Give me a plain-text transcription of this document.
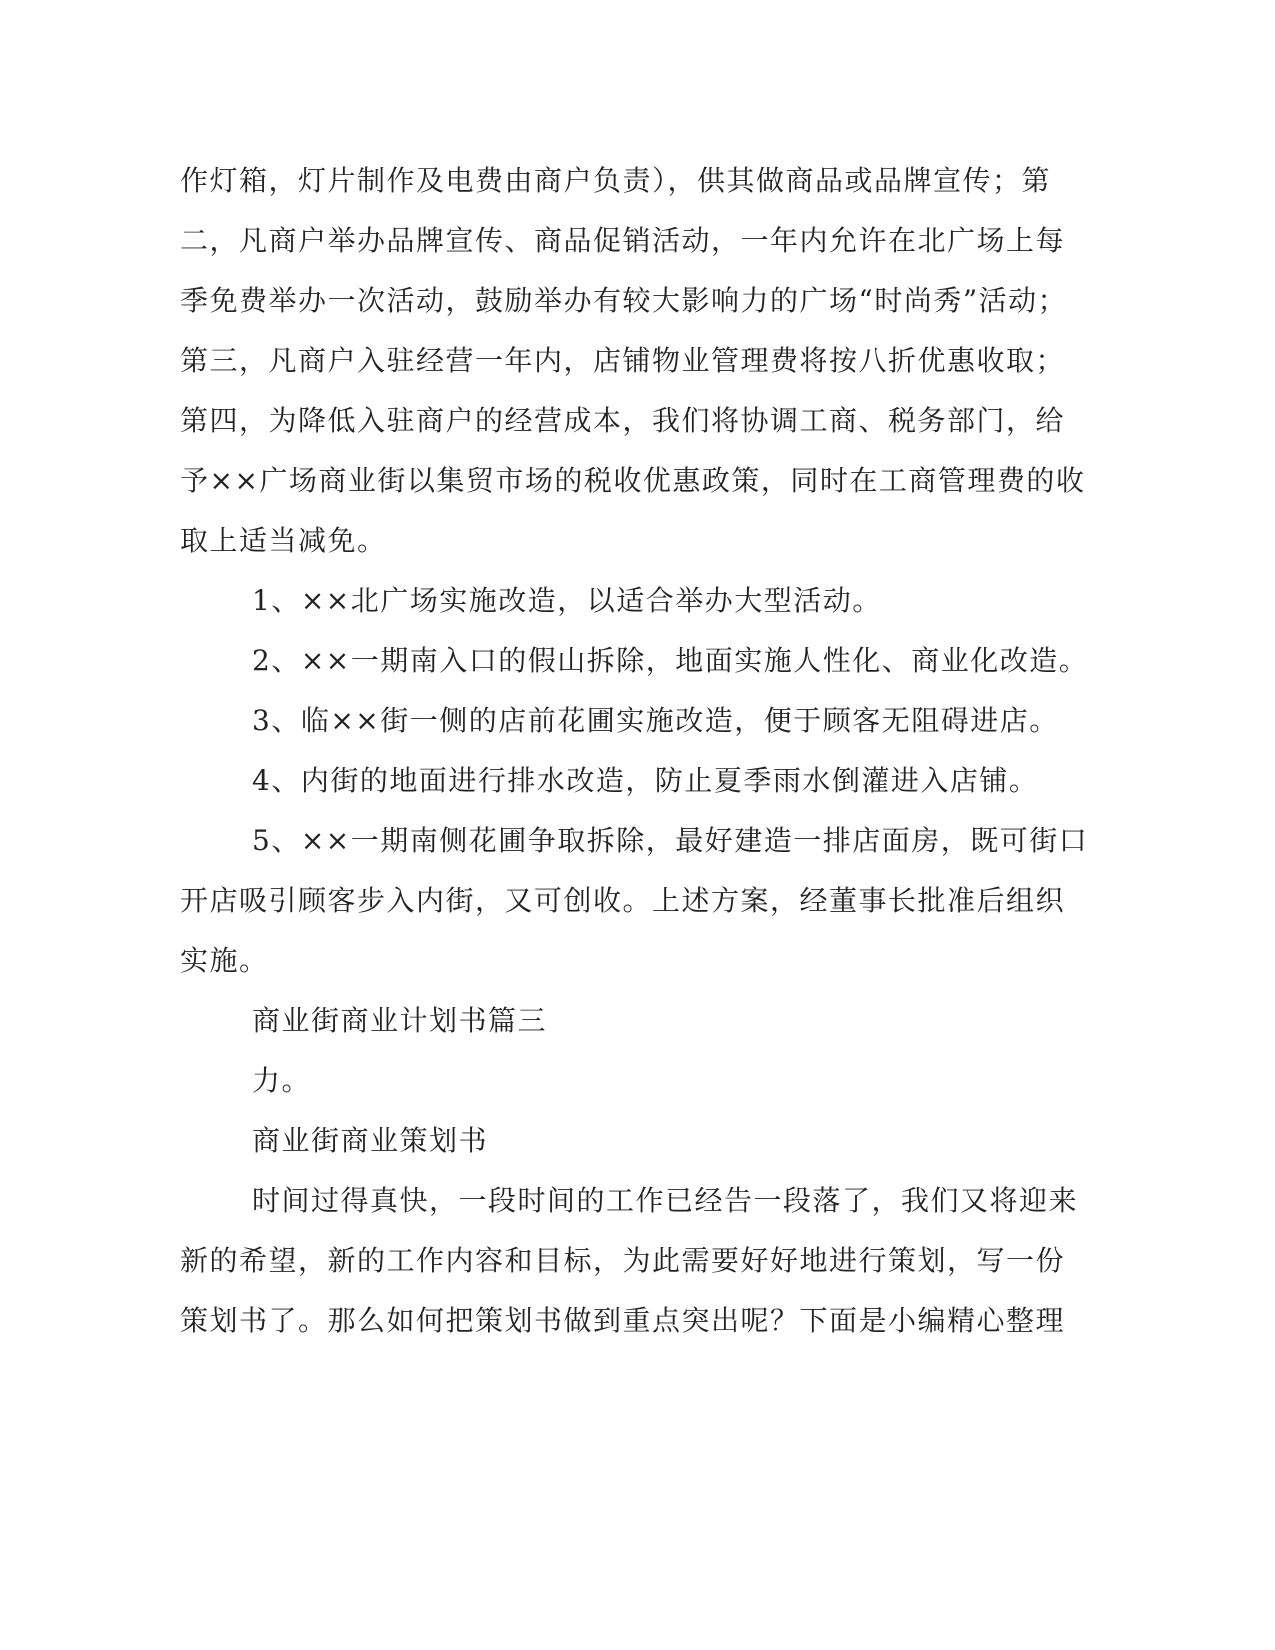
作灯箱，灯片制作及电费由商户负责），供其做商品或品牌宣传；第
二，凡商户举办品牌宣传、商品促销活动，一年内允许在北广场上每
季免费举办一次活动，鼓励举办有较大影响力的广场“时尚秀”活动；
第三，凡商户入驻经营一年内，店铺物业管理费将按八折优惠收取；
第四，为降低入驻商户的经营成本，我们将协调工商、税务部门，给
予××广场商业街以集贸市场的税收优惠政策，同时在工商管理费的收
取上适当减免。
1、××北广场实施改造，以适合举办大型活动。
2、××一期南入口的假山拆除，地面实施人性化、商业化改造。
3、临××街一侧的店前花圃实施改造，便于顾客无阻碍进店。
4、内街的地面进行排水改造，防止夏季雨水倒灌进入店铺。
5、××一期南侧花圃争取拆除，最好建造一排店面房，既可街口
开店吸引顾客步入内街，又可创收。上述方案，经董事长批准后组织
实施。
商业街商业计划书篇三
力。
商业街商业策划书
时间过得真快，一段时间的工作已经告一段落了，我们又将迎来
新的希望，新的工作内容和目标，为此需要好好地进行策划，写一份
策划书了。那么如何把策划书做到重点突出呢？下面是小编精心整理
